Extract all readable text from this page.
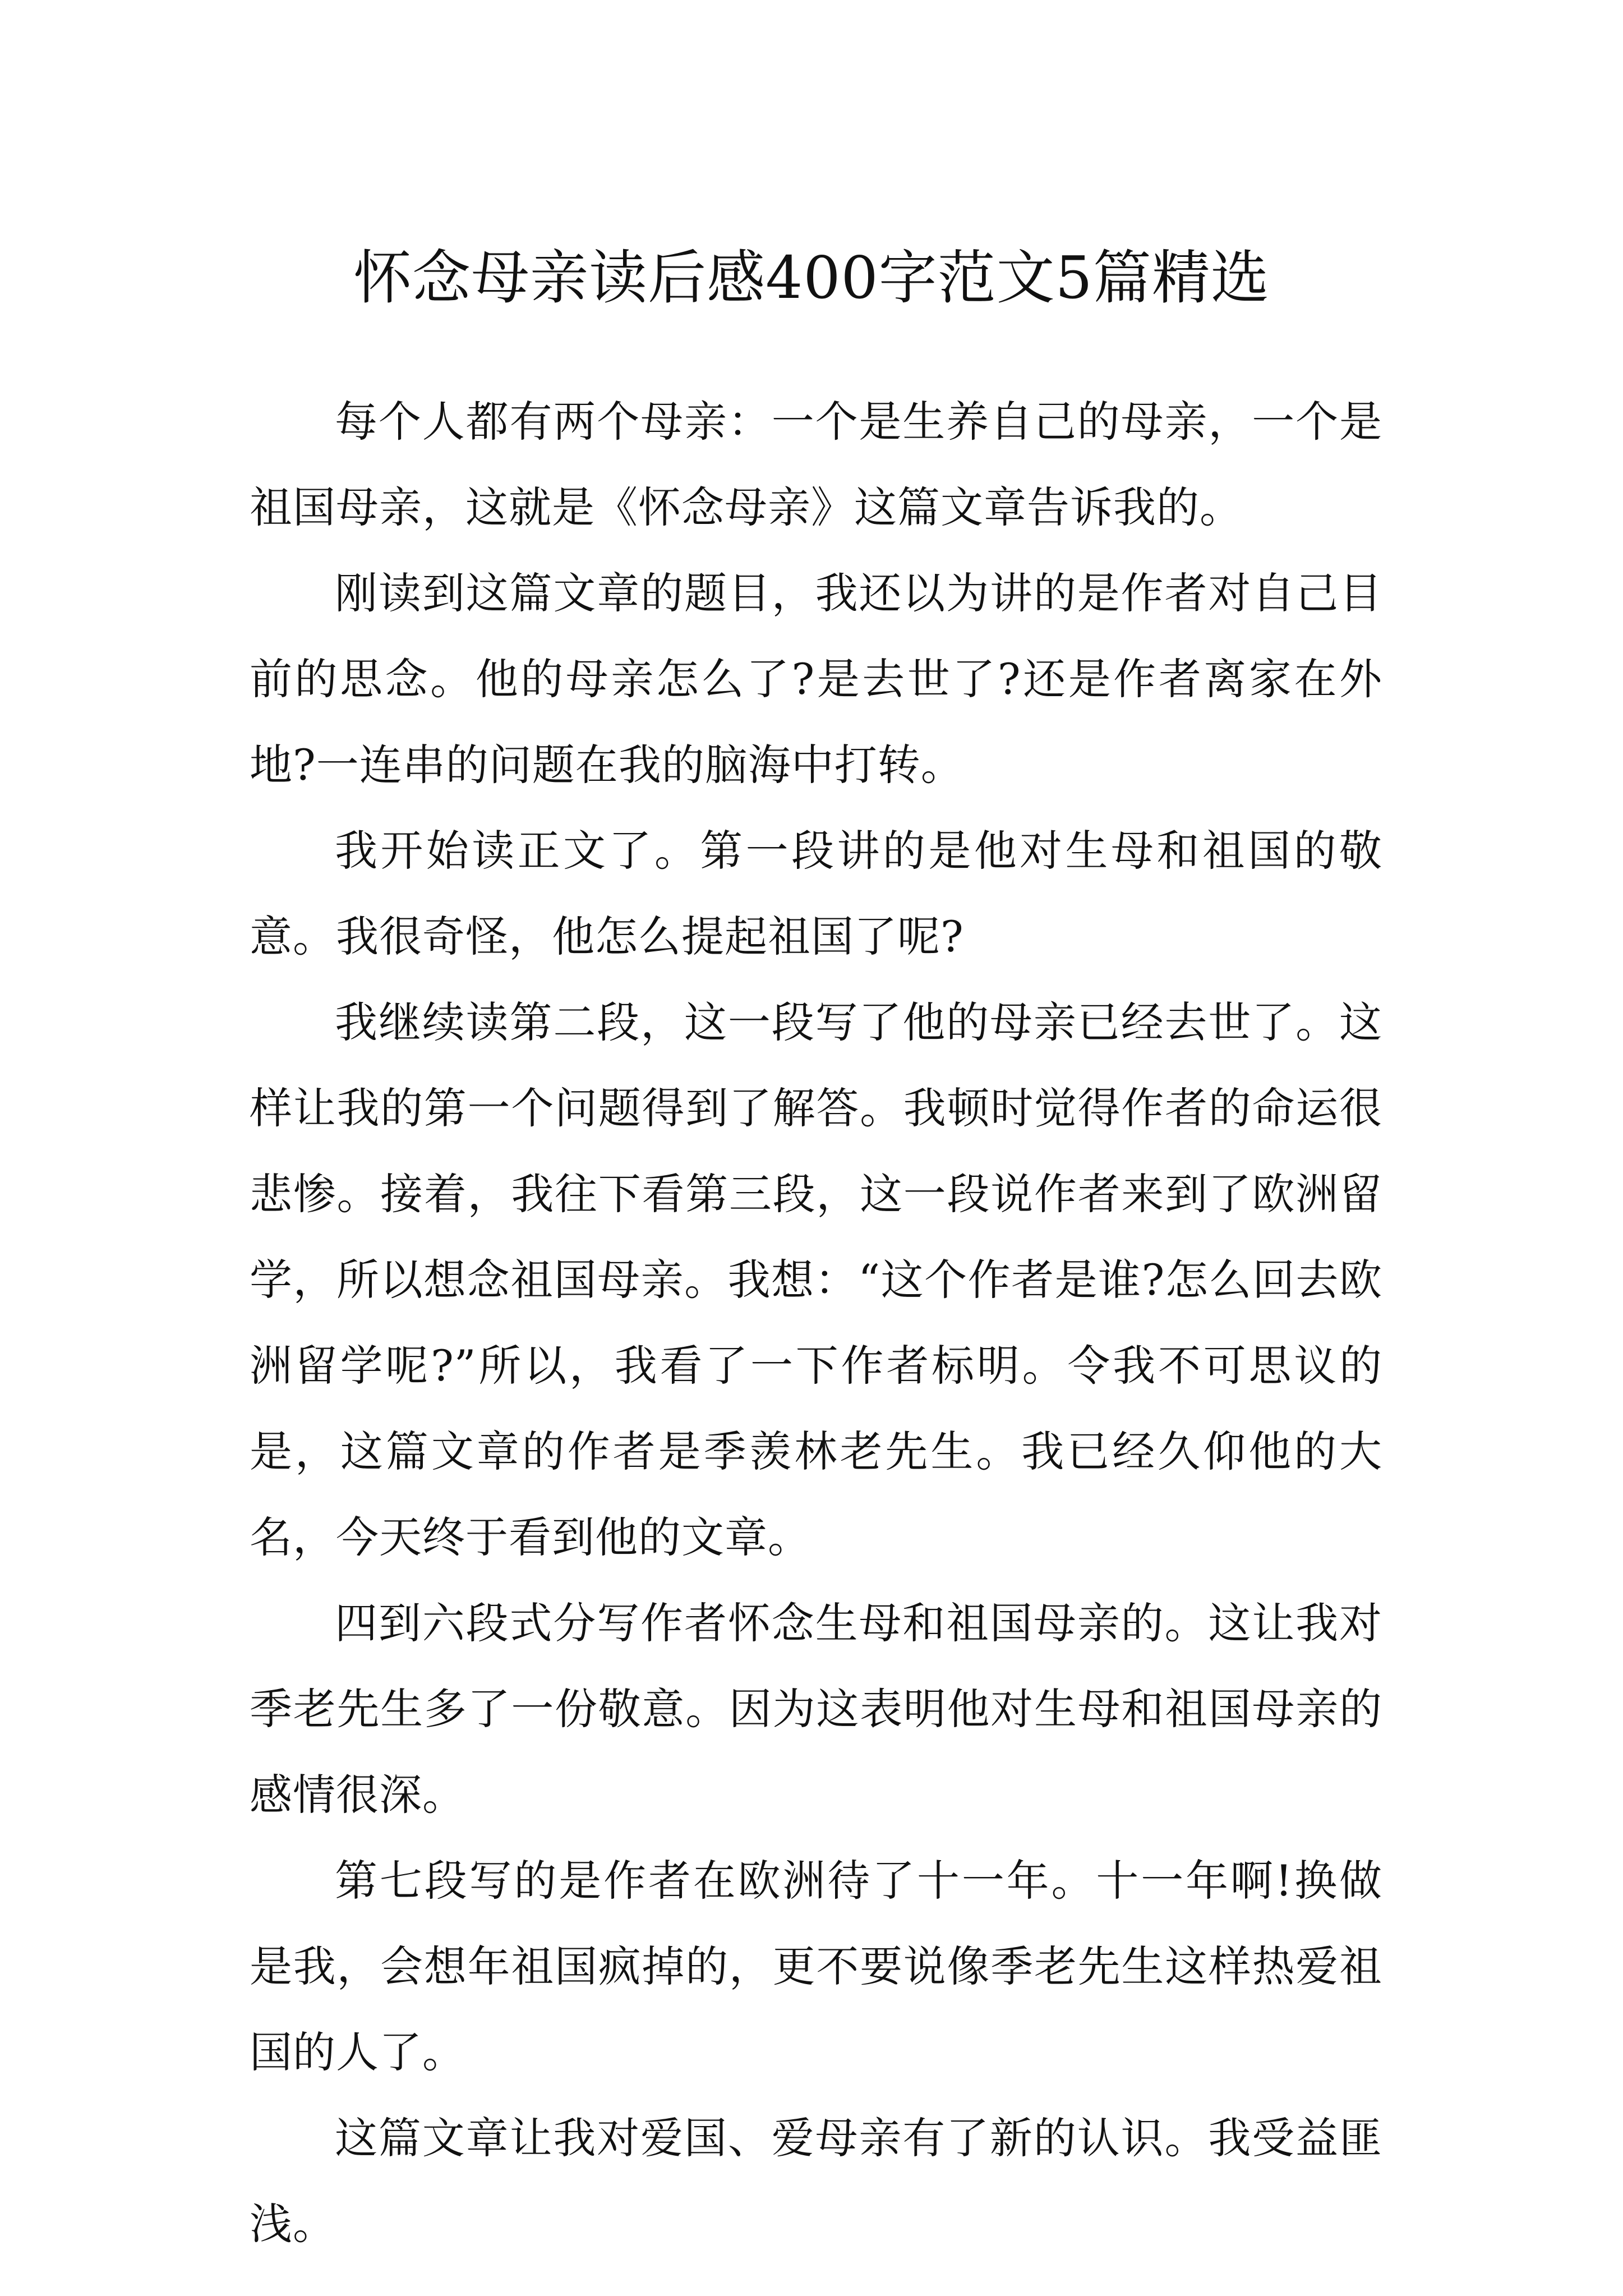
怀念母亲读后感400字范文5篇精选

每个人都有两个母亲：一个是生养自己的母亲，一个是祖国母亲，这就是《怀念母亲》这篇文章告诉我的。

刚读到这篇文章的题目，我还以为讲的是作者对自己目前的思念。他的母亲怎么了?是去世了?还是作者离家在外地?一连串的问题在我的脑海中打转。

我开始读正文了。第一段讲的是他对生母和祖国的敬意。我很奇怪，他怎么提起祖国了呢?

我继续读第二段，这一段写了他的母亲已经去世了。这样让我的第一个问题得到了解答。我顿时觉得作者的命运很悲惨。接着，我往下看第三段，这一段说作者来到了欧洲留学，所以想念祖国母亲。我想：“这个作者是谁?怎么回去欧洲留学呢?”所以，我看了一下作者标明。令我不可思议的是，这篇文章的作者是季羡林老先生。我已经久仰他的大名，今天终于看到他的文章。

四到六段式分写作者怀念生母和祖国母亲的。这让我对季老先生多了一份敬意。因为这表明他对生母和祖国母亲的感情很深。

第七段写的是作者在欧洲待了十一年。十一年啊!换做是我，会想年祖国疯掉的，更不要说像季老先生这样热爱祖国的人了。

这篇文章让我对爱国、爱母亲有了新的认识。我受益匪浅。
